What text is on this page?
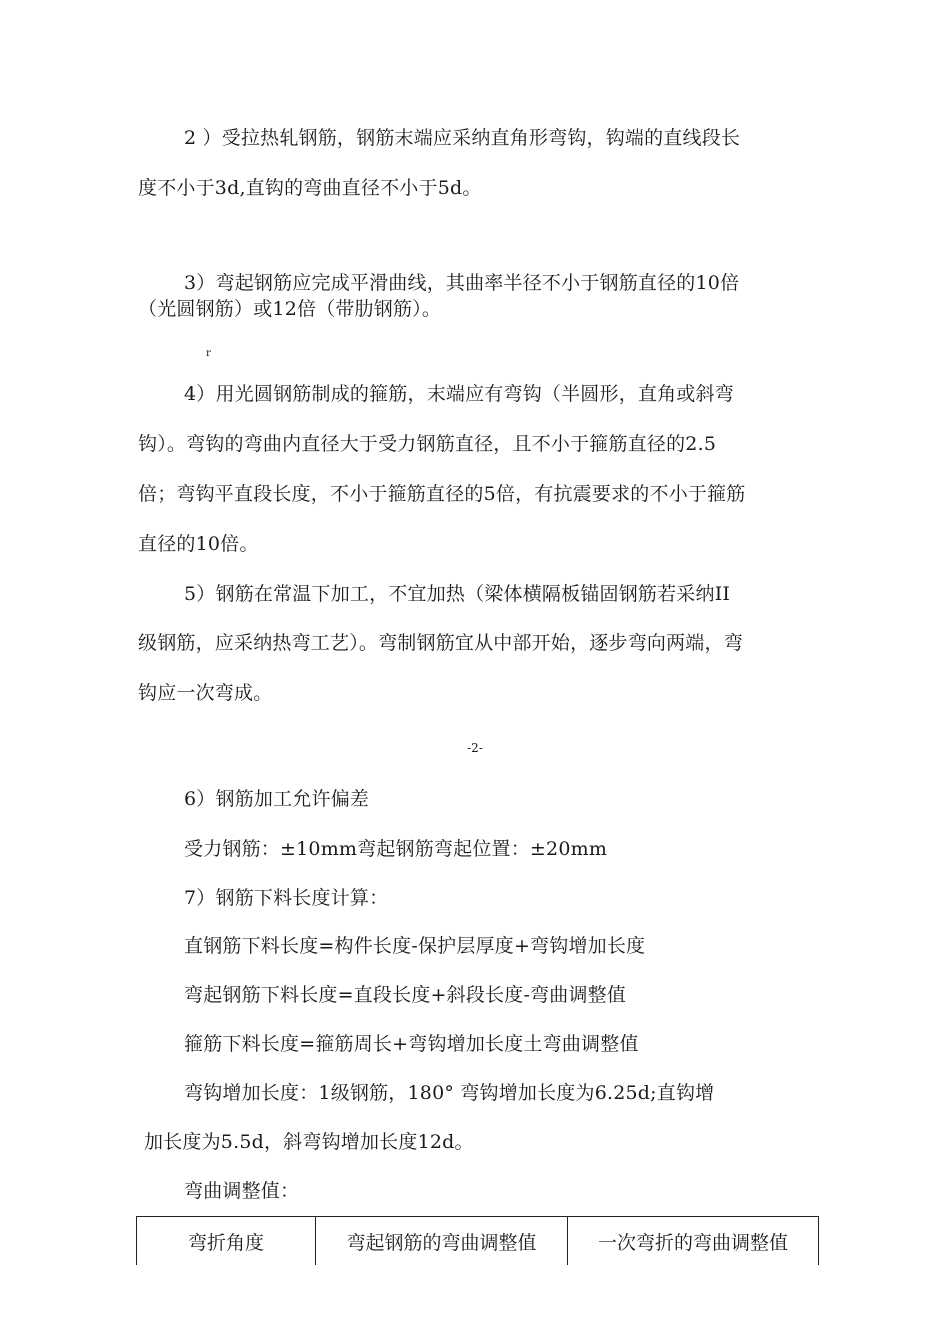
2 ）受拉热轧钢筋，钢筋末端应采纳直角形弯钩，钩端的直线段长
度不小于3d,直钩的弯曲直径不小于5d。
3）弯起钢筋应完成平滑曲线，其曲率半径不小于钢筋直径的10倍
（光圆钢筋）或12倍（带肋钢筋）。
r
4）用光圆钢筋制成的箍筋，末端应有弯钩（半圆形，直角或斜弯
钩）。弯钩的弯曲内直径大于受力钢筋直径，且不小于箍筋直径的2.5
倍；弯钩平直段长度，不小于箍筋直径的5倍，有抗震要求的不小于箍筋
直径的10倍。
5）钢筋在常温下加工，不宜加热（梁体横隔板锚固钢筋若采纳II
级钢筋，应采纳热弯工艺）。弯制钢筋宜从中部开始，逐步弯向两端，弯
钩应一次弯成。
-2-
6）钢筋加工允许偏差
受力钢筋：±10mm弯起钢筋弯起位置：±20mm
7）钢筋下料长度计算：
直钢筋下料长度=构件长度-保护层厚度+弯钩增加长度
弯起钢筋下料长度=直段长度+斜段长度-弯曲调整值
箍筋下料长度=箍筋周长+弯钩增加长度土弯曲调整值
弯钩增加长度：1级钢筋，180° 弯钩增加长度为6.25d;直钩增
加长度为5.5d，斜弯钩增加长度12d。
弯曲调整值：
弯折角度	弯起钢筋的弯曲调整值	一次弯折的弯曲调整值
